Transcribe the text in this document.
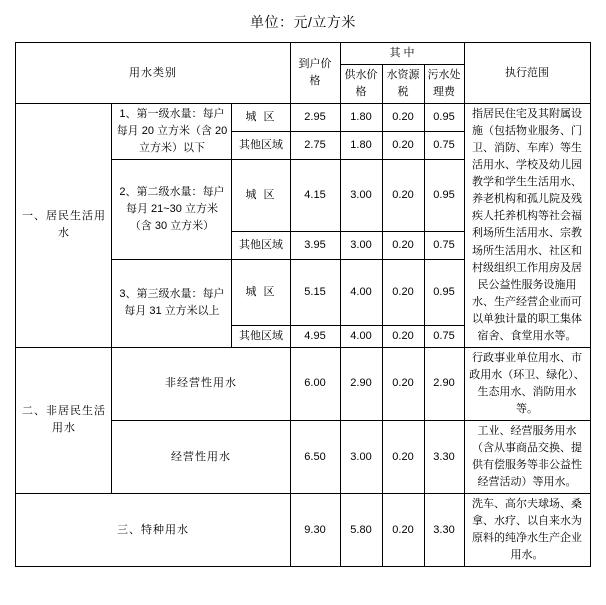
单位：元/立方米
用水类别			到户价格	其 中			执行范围
				供水价格	水资源税	污水处理费	
一、居民生活用水	1、第一级水量：每户每月 20 立方米（含 20 立方米）以下	城 区	2.95	1.80	0.20	0.95	指居民住宅及其附属设施（包括物业服务、门卫、消防、车库）等生活用水、学校及幼儿园教学和学生生活用水、养老机构和孤儿院及残疾人托养机构等社会福利场所生活用水、宗教场所生活用水、社区和村级组织工作用房及居民公益性服务设施用水、生产经营企业而可以单独计量的职工集体宿舍、食堂用水等。
		其他区域	2.75	1.80	0.20	0.75	
	2、第二级水量：每户每月 21~30 立方米（含 30 立方米）	城 区	4.15	3.00	0.20	0.95	
		其他区域	3.95	3.00	0.20	0.75	
	3、第三级水量：每户每月 31 立方米以上	城 区	5.15	4.00	0.20	0.95	
		其他区域	4.95	4.00	0.20	0.75	
二、非居民生活用水	非经营性用水		6.00	2.90	0.20	2.90	行政事业单位用水、市政用水（环卫、绿化）、生态用水、消防用水等。
	经营性用水		6.50	3.00	0.20	3.30	工业、经营服务用水（含从事商品交换、提供有偿服务等非公益性经营活动）等用水。
三、特种用水			9.30	5.80	0.20	3.30	洗车、高尔夫球场、桑拿、水疗、以自来水为原料的纯净水生产企业用水。
